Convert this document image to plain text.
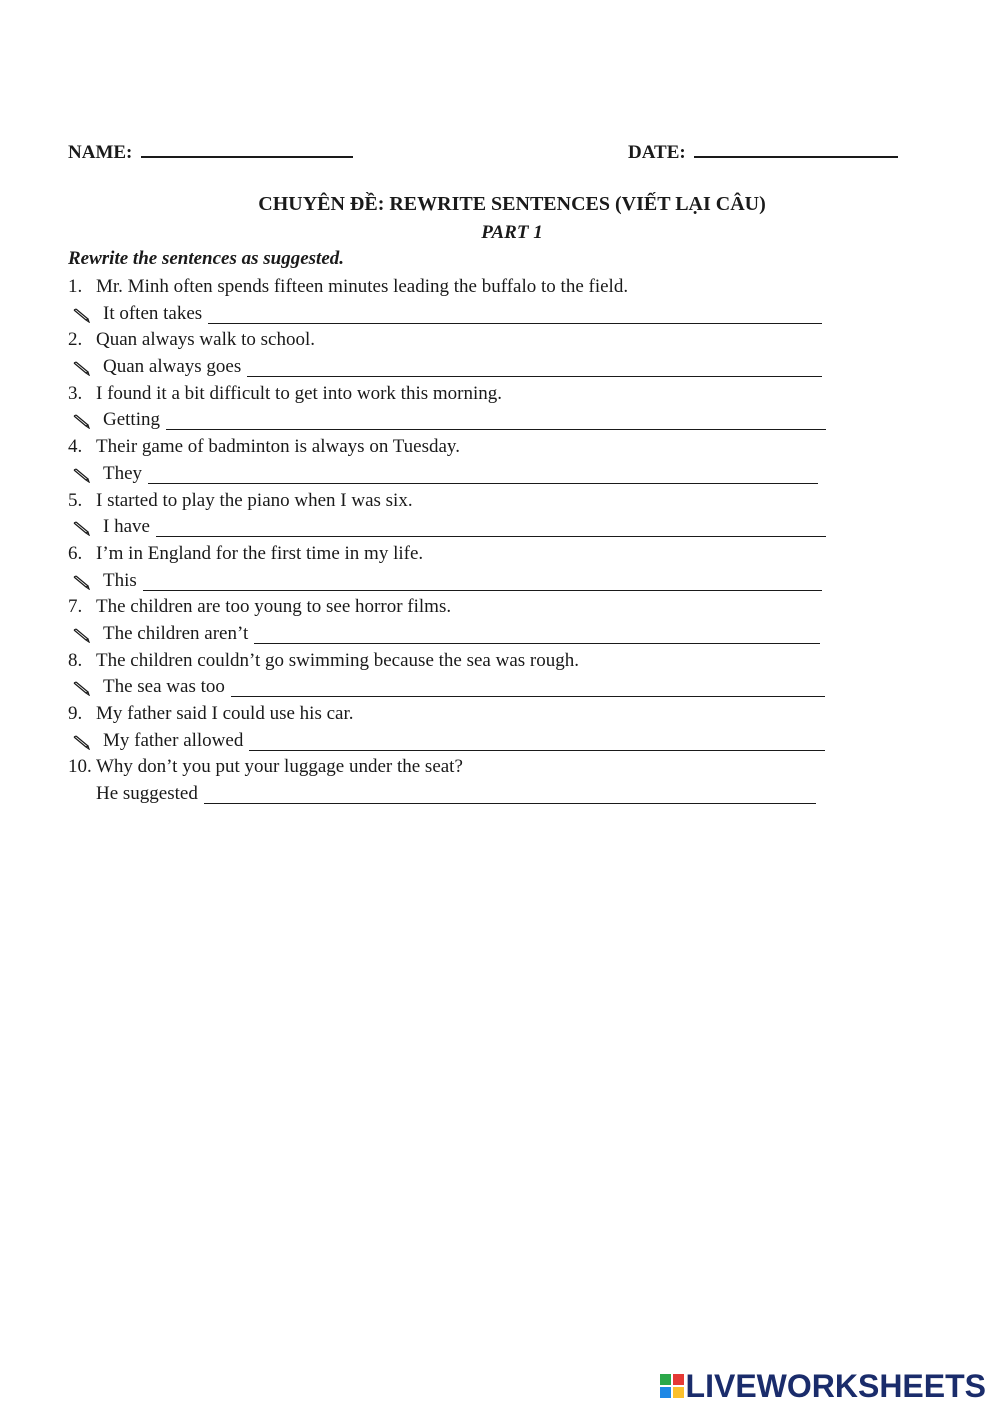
NAME:	DATE:
CHUYÊN ĐỀ: REWRITE SENTENCES (VIẾT LẠI CÂU)
PART 1
Rewrite the sentences as suggested.
1. Mr. Minh often spends fifteen minutes leading the buffalo to the field.
It often takes
2. Quan always walk to school.
Quan always goes
3. I found it a bit difficult to get into work this morning.
Getting
4. Their game of badminton is always on Tuesday.
They
5. I started to play the piano when I was six.
I have
6. I’m in England for the first time in my life.
This
7. The children are too young to see horror films.
The children aren’t
8. The children couldn’t go swimming because the sea was rough.
The sea was too
9. My father said I could use his car.
My father allowed
10. Why don’t you put your luggage under the seat?
He suggested
LIVEWORKSHEETS
